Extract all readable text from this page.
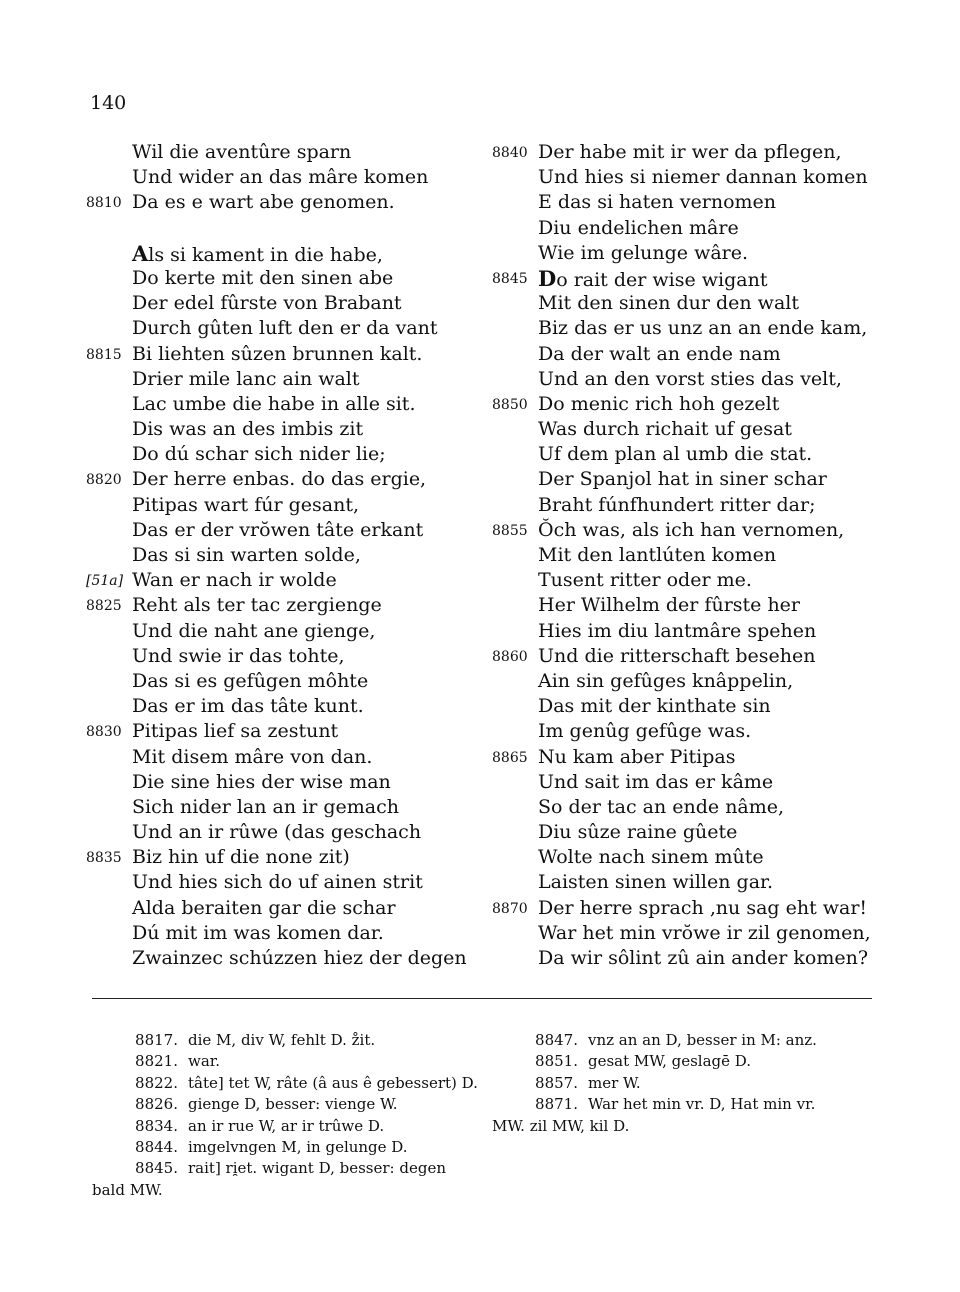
140
Wil die aventûre sparn
Und wider an das mâre komen
8810 Da es e wart abe genomen.
Als si kament in die habe,
Do kerte mit den sinen abe
Der edel fûrste von Brabant
Durch gûten luft den er da vant
8815 Bi liehten sûzen brunnen kalt.
Drier mile lanc ain walt
Lac umbe die habe in alle sit.
Dis was an des imbis zit
Do dú schar sich nider lie;
8820 Der herre enbas. do das ergie,
Pitipas wart fúr gesant,
Das er der vrŏwen tâte erkant
Das si sin warten solde,
[51a] Wan er nach ir wolde
8825 Reht als ter tac zergienge
Und die naht ane gienge,
Und swie ir das tohte,
Das si es gefûgen môhte
Das er im das tâte kunt.
8830 Pitipas lief sa zestunt
Mit disem mâre von dan.
Die sine hies der wise man
Sich nider lan an ir gemach
Und an ir rûwe (das geschach
8835 Biz hin uf die none zit)
Und hies sich do uf ainen strit
Alda beraiten gar die schar
Dú mit im was komen dar.
Zwainzec schúzzen hiez der degen
8840 Der habe mit ir wer da pflegen,
Und hies si niemer dannan komen
E das si haten vernomen
Diu endelichen mâre
Wie im gelunge wâre.
8845 Do rait der wise wigant
Mit den sinen dur den walt
Biz das er us unz an an ende kam,
Da der walt an ende nam
Und an den vorst sties das velt,
8850 Do menic rich hoh gezelt
Was durch richait uf gesat
Uf dem plan al umb die stat.
Der Spanjol hat in siner schar
Braht fúnfhundert ritter dar;
8855 Ŏch was, als ich han vernomen,
Mit den lantlúten komen
Tusent ritter oder me.
Her Wilhelm der fûrste her
Hies im diu lantmâre spehen
8860 Und die ritterschaft besehen
Ain sin gefûges knâppelin,
Das mit der kinthate sin
Im genûg gefûge was.
8865 Nu kam aber Pitipas
Und sait im das er kâme
So der tac an ende nâme,
Diu sûze raine gûete
Wolte nach sinem mûte
Laisten sinen willen gar.
8870 Der herre sprach ‚nu sag eht war!
War het min vrŏwe ir zil genomen,
Da wir sôlint zû ain ander komen?
8817. die M, div W, fehlt D. z̊it.
8821. war.
8822. tâte] tet W, râte (â aus ê gebessert) D.
8826. gienge D, besser: vienge W.
8834. an ir rue W, ar ir trûwe D.
8844. imgelvngen M, in gelunge D.
8845. rait] ri̯et. wigant D, besser: degen
bald MW.
8847. vnz an an D, besser in M: anz.
8851. gesat MW, geslagē D.
8857. mer W.
8871. War het min vr. D, Hat min vr.
MW. zil MW, kil D.
